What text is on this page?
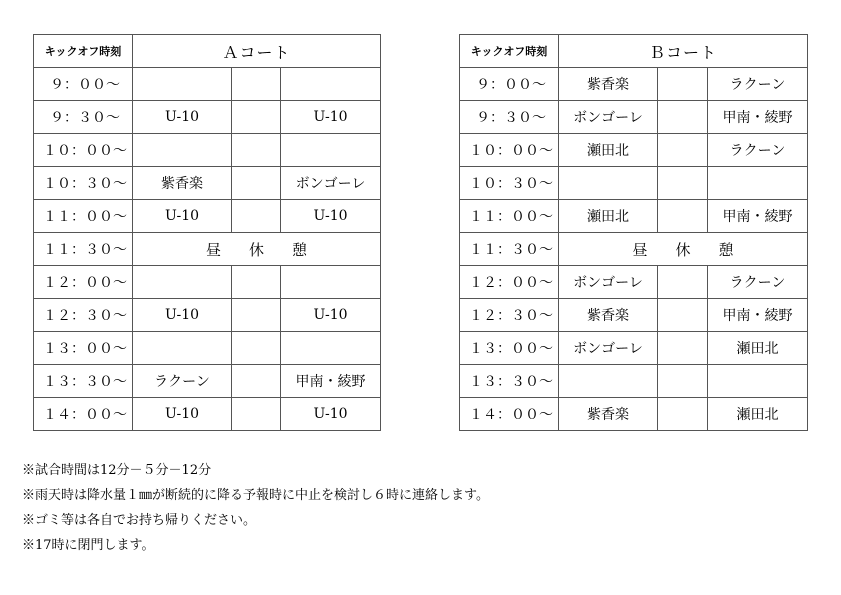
キックオフ時刻	Ａコート		
９：００～			
９：３０～	U-10		U-10
１０：００～			
１０：３０～	紫香楽		ボンゴーレ
１１：００～	U-10		U-10
１１：３０～	昼 休 憩		
１２：００～			
１２：３０～	U-10		U-10
１３：００～			
１３：３０～	ラクーン		甲南・綾野
１４：００～	U-10		U-10
キックオフ時刻	Ｂコート		
９：００～	紫香楽		ラクーン
９：３０～	ボンゴーレ		甲南・綾野
１０：００～	瀬田北		ラクーン
１０：３０～			
１１：００～	瀬田北		甲南・綾野
１１：３０～	昼 休 憩		
１２：００～	ボンゴーレ		ラクーン
１２：３０～	紫香楽		甲南・綾野
１３：００～	ボンゴーレ		瀬田北
１３：３０～			
１４：００～	紫香楽		瀬田北
※試合時間は12分－５分－12分
※雨天時は降水量１㎜が断続的に降る予報時に中止を検討し６時に連絡します。
※ゴミ等は各自でお持ち帰りください。
※17時に閉門します。
